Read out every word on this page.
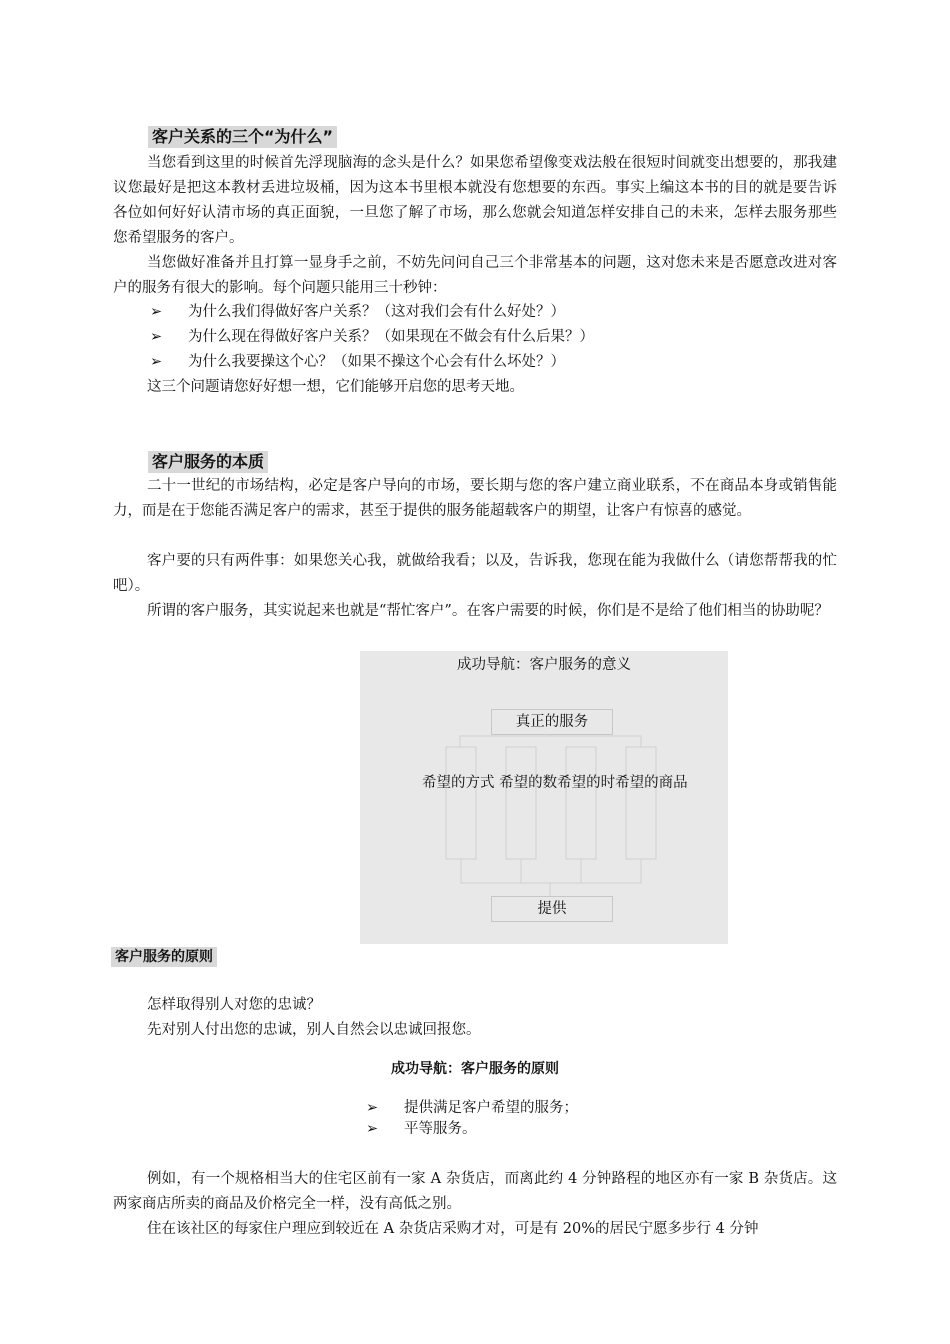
客户关系的三个“为什么”

当您看到这里的时候首先浮现脑海的念头是什么？如果您希望像变戏法般在很短时间就变出想要的，那我建议您最好是把这本教材丢进垃圾桶，因为这本书里根本就没有您想要的东西。事实上编这本书的目的就是要告诉各位如何好好认清市场的真正面貌，一旦您了解了市场，那么您就会知道怎样安排自己的未来，怎样去服务那些您希望服务的客户。

当您做好准备并且打算一显身手之前，不妨先问问自己三个非常基本的问题，这对您未来是否愿意改进对客户的服务有很大的影响。每个问题只能用三十秒钟：

➢ 为什么我们得做好客户关系？（这对我们会有什么好处？）
➢ 为什么现在得做好客户关系？（如果现在不做会有什么后果？）
➢ 为什么我要操这个心？（如果不操这个心会有什么坏处？）

这三个问题请您好好想一想，它们能够开启您的思考天地。

客户服务的本质

二十一世纪的市场结构，必定是客户导向的市场，要长期与您的客户建立商业联系，不在商品本身或销售能力，而是在于您能否满足客户的需求，甚至于提供的服务能超载客户的期望，让客户有惊喜的感觉。

客户要的只有两件事：如果您关心我，就做给我看；以及，告诉我，您现在能为我做什么（请您帮帮我的忙吧）。

所谓的客户服务，其实说起来也就是“帮忙客户”。在客户需要的时候，你们是不是给了他们相当的协助呢？

成功导航：客户服务的意义
真正的服务
希望的方式 希望的数希望的时希望的商品
提供
客户服务的原则

怎样取得别人对您的忠诚？

先对别人付出您的忠诚，别人自然会以忠诚回报您。

成功导航：客户服务的原则
➢ 提供满足客户希望的服务；
➢ 平等服务。

例如，有一个规格相当大的住宅区前有一家 A 杂货店，而离此约 4 分钟路程的地区亦有一家 B 杂货店。这两家商店所卖的商品及价格完全一样，没有高低之别。

住在该社区的每家住户理应到较近在 A 杂货店采购才对，可是有 20%的居民宁愿多步行 4 分钟
